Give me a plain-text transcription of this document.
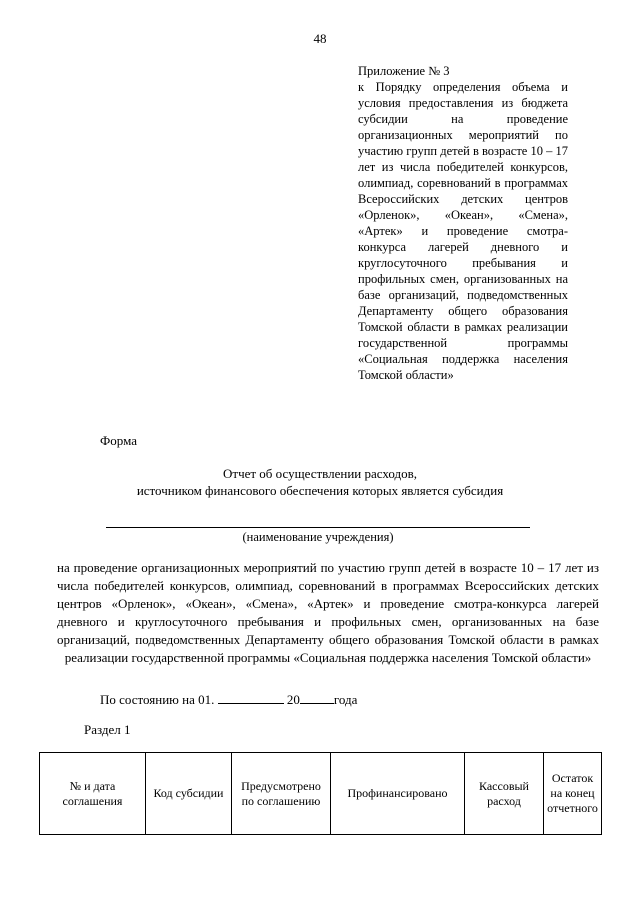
48
Приложение № 3
к Порядку определения объема и условия предоставления из бюджета субсидии на проведение организационных мероприятий по участию групп детей в возрасте 10 – 17 лет из числа победителей конкурсов, олимпиад, соревнований в программах Всероссийских детских центров «Орленок», «Океан», «Смена», «Артек» и проведение смотра-конкурса лагерей дневного и круглосуточного пребывания и профильных смен, организованных на базе организаций, подведомственных Департаменту общего образования Томской области в рамках реализации государственной программы «Социальная поддержка населения Томской области»
Форма
Отчет об осуществлении расходов,
источником финансового обеспечения которых является субсидия
(наименование учреждения)
на проведение организационных мероприятий по участию групп детей в возрасте 10 – 17 лет из числа победителей конкурсов, олимпиад, соревнований в программах Всероссийских детских центров «Орленок», «Океан», «Смена», «Артек» и проведение смотра-конкурса лагерей дневного и круглосуточного пребывания и профильных смен, организованных на базе организаций, подведомственных Департаменту общего образования Томской области в рамках реализации государственной программы «Социальная поддержка населения Томской области»
По состоянию на 01.	20	года
Раздел 1
№ и дата соглашения	Код субсидии	Предусмотрено по соглашению	Профинансировано	Кассовый расход	Остаток на конец отчетного
